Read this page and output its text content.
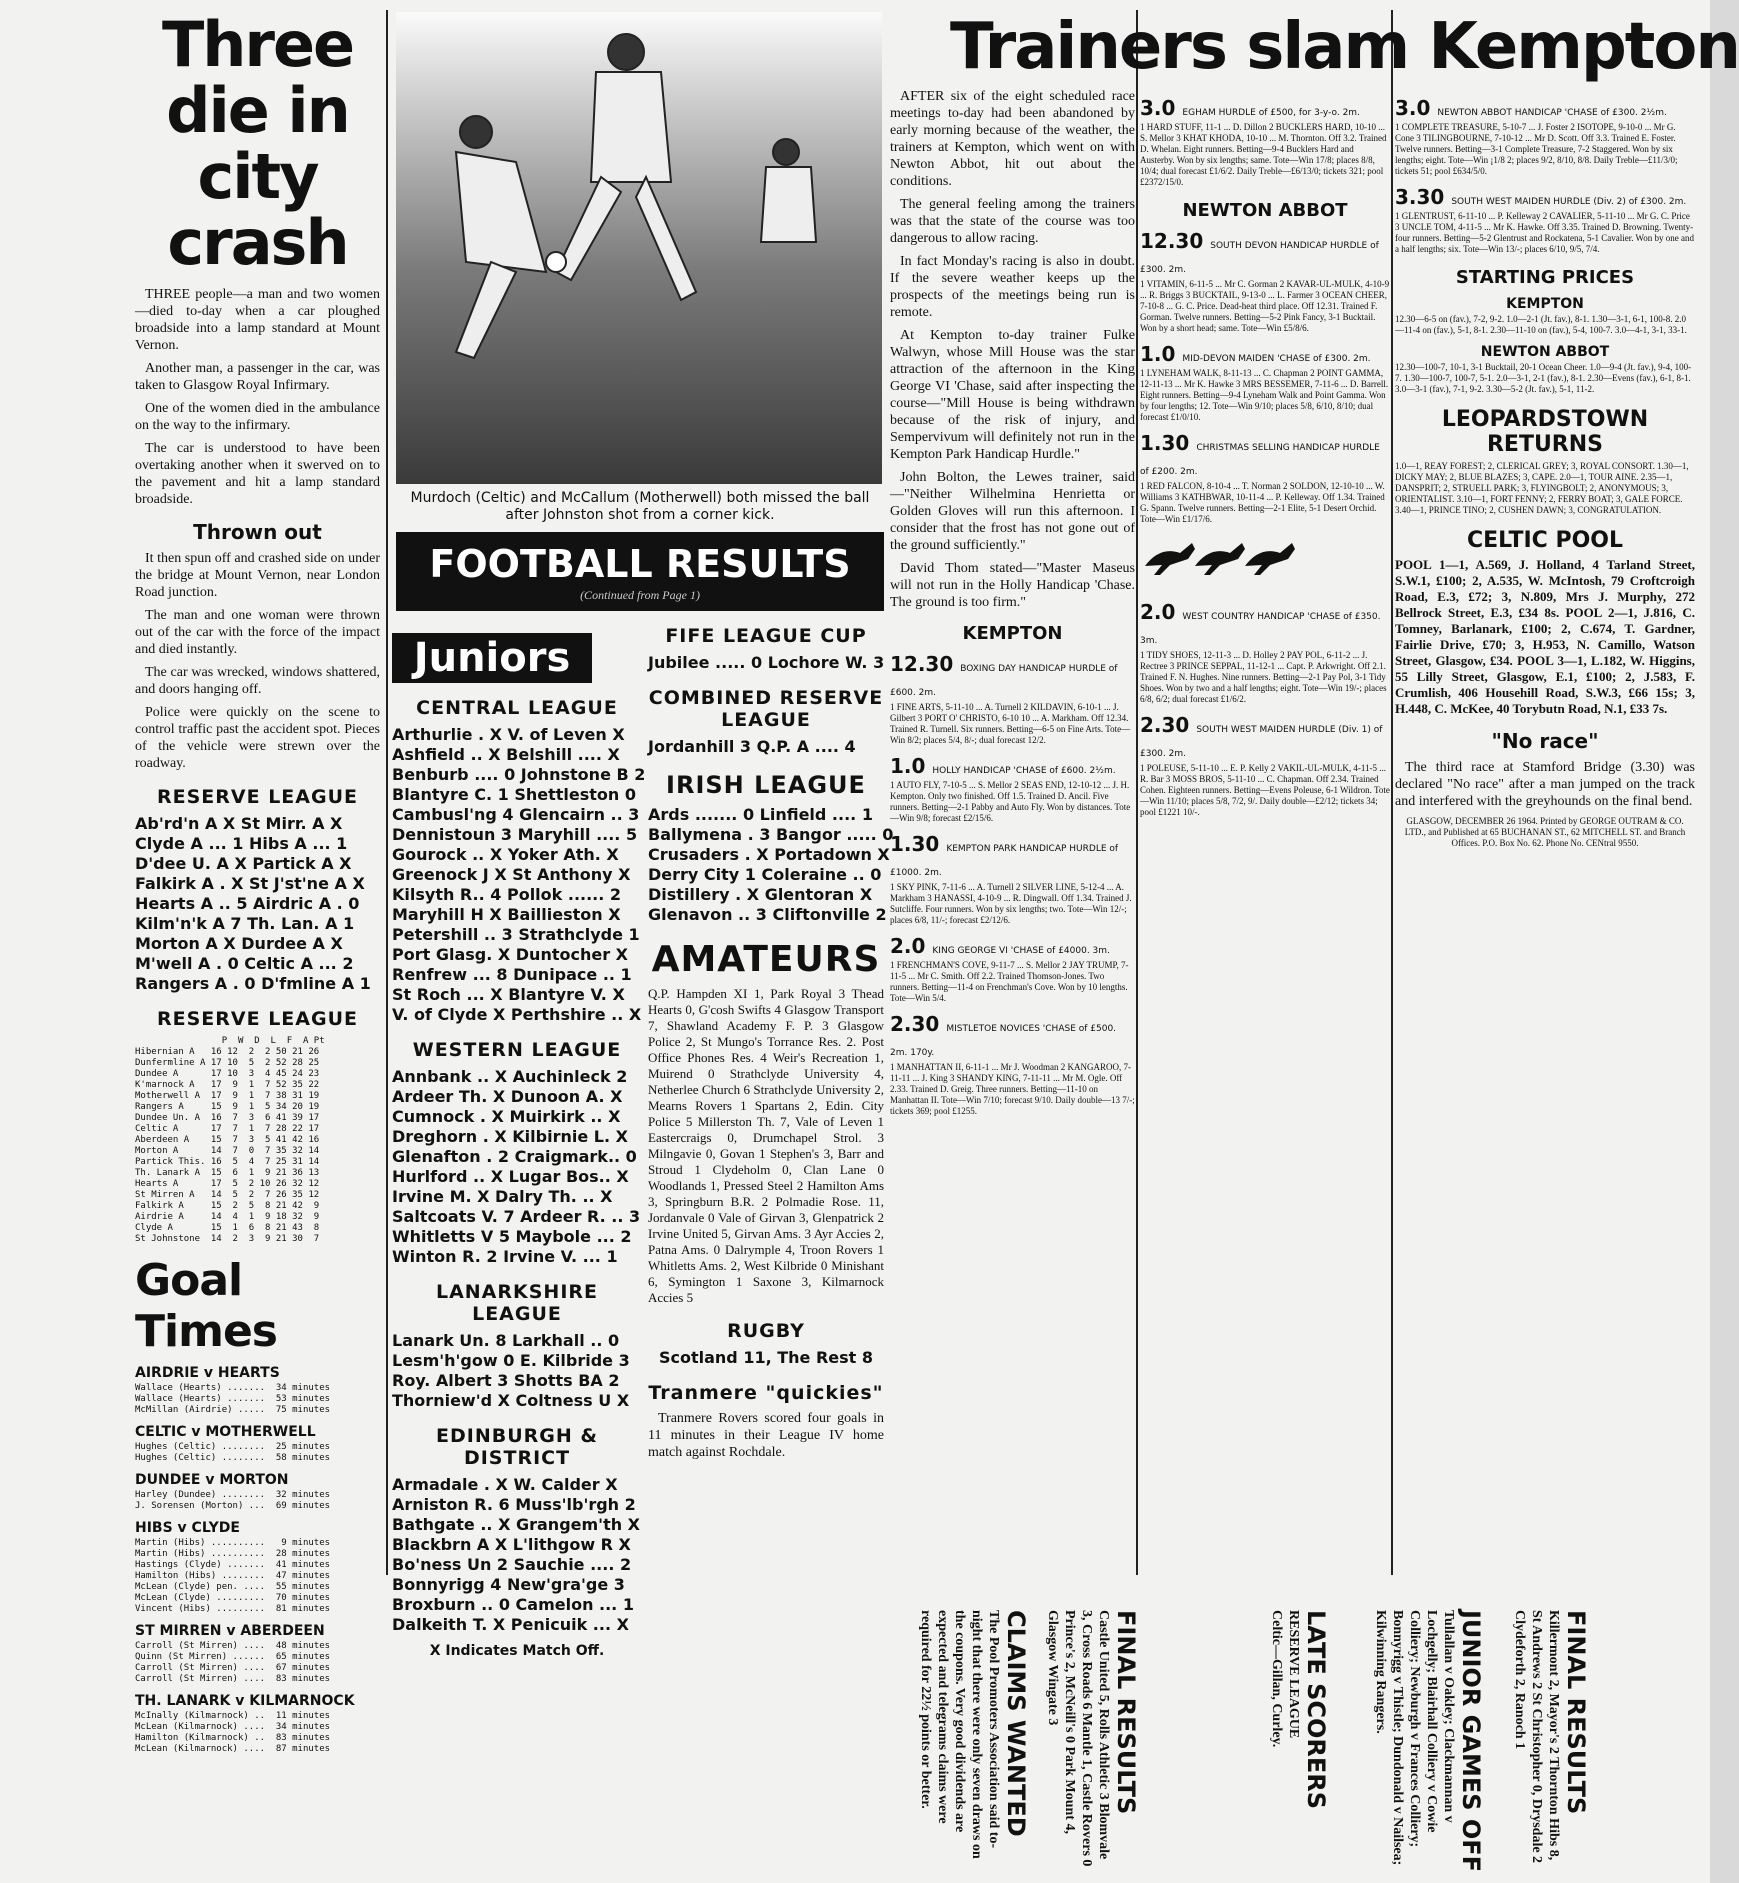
Three die in city crash

THREE people—a man and two women—died to-day when a car ploughed broadside into a lamp standard at Mount Vernon.

Another man, a passenger in the car, was taken to Glasgow Royal Infirmary.

One of the women died in the ambulance on the way to the infirmary.

The car is understood to have been overtaking another when it swerved on to the pavement and hit a lamp standard broadside.

Thrown out

It then spun off and crashed side on under the bridge at Mount Vernon, near London Road junction.

The man and one woman were thrown out of the car with the force of the impact and died instantly.

The car was wrecked, windows shattered, and doors hanging off.

Police were quickly on the scene to control traffic past the accident spot. Pieces of the vehicle were strewn over the roadway.

RESERVE LEAGUE
Ab'rd'n A X St Mirr. A X
Clyde A ... 1 Hibs A ... 1
D'dee U. A X Partick A X
Falkirk A . X St J'st'ne A X
Hearts A .. 5 Airdric A . 0
Kilm'n'k A 7 Th. Lan. A 1
Morton A X Durdee A X
M'well A . 0 Celtic A ... 2
Rangers A . 0 D'fmline A 1
RESERVE LEAGUE
P  W  D  L  F  A Pt
Hibernian A   16 12  2  2 50 21 26
Dunfermline A 17 10  5  2 52 28 25
Dundee A      17 10  3  4 45 24 23
K'marnock A   17  9  1  7 52 35 22
Motherwell A  17  9  1  7 38 31 19
Rangers A     15  9  1  5 34 20 19
Dundee Un. A  16  7  3  6 41 39 17
Celtic A      17  7  1  7 28 22 17
Aberdeen A    15  7  3  5 41 42 16
Morton A      14  7  0  7 35 32 14
Partick This. 16  5  4  7 25 31 14
Th. Lanark A  15  6  1  9 21 36 13
Hearts A      17  5  2 10 26 32 12
St Mirren A   14  5  2  7 26 35 12
Falkirk A     15  2  5  8 21 42  9
Airdrie A     14  4  1  9 18 32  9
Clyde A       15  1  6  8 21 43  8
St Johnstone  14  2  3  9 21 30  7
Goal Times
AIRDRIE v HEARTS
Wallace (Hearts) .......  34 minutes
Wallace (Hearts) .......  53 minutes
McMillan (Airdrie) .....  75 minutes
CELTIC v MOTHERWELL
Hughes (Celtic) ........  25 minutes
Hughes (Celtic) ........  58 minutes
DUNDEE v MORTON
Harley (Dundee) ........  32 minutes
J. Sorensen (Morton) ...  69 minutes
HIBS v CLYDE
Martin (Hibs) ..........   9 minutes
Martin (Hibs) ..........  28 minutes
Hastings (Clyde) .......  41 minutes
Hamilton (Hibs) ........  47 minutes
McLean (Clyde) pen. ....  55 minutes
McLean (Clyde) .........  70 minutes
Vincent (Hibs) .........  81 minutes
ST MIRREN v ABERDEEN
Carroll (St Mirren) ....  48 minutes
Quinn (St Mirren) ......  65 minutes
Carroll (St Mirren) ....  67 minutes
Carroll (St Mirren) ....  83 minutes
TH. LANARK v KILMARNOCK
McInally (Kilmarnock) ..  11 minutes
McLean (Kilmarnock) ....  34 minutes
Hamilton (Kilmarnock) ..  83 minutes
McLean (Kilmarnock) ....  87 minutes
Murdoch (Celtic) and McCallum (Motherwell) both missed the ball after Johnston shot from a corner kick.
FOOTBALL RESULTS
(Continued from Page 1)
Juniors
CENTRAL LEAGUE
Arthurlie . X V. of Leven X
Ashfield .. X Belshill .... X
Benburb .... 0 Johnstone B 2
Blantyre C. 1 Shettleston 0
Cambusl'ng 4 Glencairn .. 3
Dennistoun 3 Maryhill .... 5
Gourock .. X Yoker Ath. X
Greenock J X St Anthony X
Kilsyth R.. 4 Pollok ...... 2
Maryhill H X Baillieston X
Petershill .. 3 Strathclyde 1
Port Glasg. X Duntocher X
Renfrew ... 8 Dunipace .. 1
St Roch ... X Blantyre V. X
V. of Clyde X Perthshire .. X
WESTERN LEAGUE
Annbank .. X Auchinleck 2
Ardeer Th. X Dunoon A. X
Cumnock . X Muirkirk .. X
Dreghorn . X Kilbirnie L. X
Glenafton . 2 Craigmark.. 0
Hurlford .. X Lugar Bos.. X
Irvine M. X Dalry Th. .. X
Saltcoats V. 7 Ardeer R. .. 3
Whitletts V 5 Maybole ... 2
Winton R. 2 Irvine V. ... 1
LANARKSHIRE LEAGUE
Lanark Un. 8 Larkhall .. 0
Lesm'h'gow 0 E. Kilbride 3
Roy. Albert 3 Shotts BA 2
Thorniew'd X Coltness U X
EDINBURGH & DISTRICT
Armadale . X W. Calder X
Arniston R. 6 Muss'lb'rgh 2
Bathgate .. X Grangem'th X
Blackbrn A X L'lithgow R X
Bo'ness Un 2 Sauchie .... 2
Bonnyrigg 4 New'gra'ge 3
Broxburn .. 0 Camelon ... 1
Dalkeith T. X Penicuik ... X
X Indicates Match Off.
FIFE LEAGUE CUP
Jubilee ..... 0 Lochore W. 3
COMBINED RESERVE LEAGUE
Jordanhill 3 Q.P. A .... 4
IRISH LEAGUE
Ards ....... 0 Linfield .... 1
Ballymena . 3 Bangor ..... 0
Crusaders . X Portadown X
Derry City 1 Coleraine .. 0
Distillery . X Glentoran X
Glenavon .. 3 Cliftonville 2
AMATEURS

Q.P. Hampden XI 1, Park Royal 3 Thead Hearts 0, G'cosh Swifts 4 Glasgow Transport 7, Shawland Academy F. P. 3 Glasgow Police 2, St Mungo's Torrance Res. 2. Post Office Phones Res. 4 Weir's Recreation 1, Muirend 0 Strathclyde University 4, Netherlee Church 6 Strathclyde University 2, Mearns Rovers 1 Spartans 2, Edin. City Police 5 Millerston Th. 7, Vale of Leven 1 Eastercraigs 0, Drumchapel Strol. 3 Milngavie 0, Govan 1 Stephen's 3, Barr and Stroud 1 Clydeholm 0, Clan Lane 0 Woodlands 1, Pressed Steel 2 Hamilton Ams 3, Springburn B.R. 2 Polmadie Rose. 11, Jordanvale 0 Vale of Girvan 3, Glenpatrick 2 Irvine United 5, Girvan Ams. 3 Ayr Accies 2, Patna Ams. 0 Dalrymple 4, Troon Rovers 1 Whitletts Ams. 2, West Kilbride 0 Minishant 6, Symington 1 Saxone 3, Kilmarnock Accies 5

RUGBY
Scotland 11, The Rest 8
Tranmere "quickies"

Tranmere Rovers scored four goals in 11 minutes in their League IV home match against Rochdale.

Trainers slam Kempton

AFTER six of the eight scheduled race meetings to-day had been abandoned by early morning because of the weather, the trainers at Kempton, which went on with Newton Abbot, hit out about the conditions.

The general feeling among the trainers was that the state of the course was too dangerous to allow racing.

In fact Monday's racing is also in doubt. If the severe weather keeps up the prospects of the meetings being run is remote.

At Kempton to-day trainer Fulke Walwyn, whose Mill House was the star attraction of the afternoon in the King George VI 'Chase, said after inspecting the course—"Mill House is being withdrawn because of the risk of injury, and Sempervivum will definitely not run in the Kempton Park Handicap Hurdle."

John Bolton, the Lewes trainer, said—"Neither Wilhelmina Henrietta or Golden Gloves will run this afternoon. I consider that the frost has not gone out of the ground sufficiently."

David Thom stated—"Master Maseus will not run in the Holly Handicap 'Chase. The ground is too firm."

KEMPTON
12.30 BOXING DAY HANDICAP HURDLE of £600. 2m.

1 FINE ARTS, 5-11-10 ... A. Turnell 2 KILDAVIN, 6-10-1 ... J. Gilbert 3 PORT O' CHRISTO, 6-10 10 ... A. Markham. Off 12.34. Trained R. Turnell. Six runners. Betting—6-5 on Fine Arts. Tote—Win 8/2; places 5/4, 8/-; dual forecast 12/2.

1.0 HOLLY HANDICAP 'CHASE of £600. 2½m.

1 AUTO FLY, 7-10-5 ... S. Mellor 2 SEAS END, 12-10-12 ... J. H. Kempton. Only two finished. Off 1.5. Trained D. Ancil. Five runners. Betting—2-1 Pabby and Auto Fly. Won by distances. Tote—Win 9/8; forecast £2/15/6.

1.30 KEMPTON PARK HANDICAP HURDLE of £1000. 2m.

1 SKY PINK, 7-11-6 ... A. Turnell 2 SILVER LINE, 5-12-4 ... A. Markham 3 HANASSI, 4-10-9 ... R. Dingwall. Off 1.34. Trained J. Sutcliffe. Four runners. Won by six lengths; two. Tote—Win 12/-; places 6/8, 11/-; forecast £2/12/6.

2.0 KING GEORGE VI 'CHASE of £4000. 3m.

1 FRENCHMAN'S COVE, 9-11-7 ... S. Mellor 2 JAY TRUMP, 7-11-5 ... Mr C. Smith. Off 2.2. Trained Thomson-Jones. Two runners. Betting—11-4 on Frenchman's Cove. Won by 10 lengths. Tote—Win 5/4.

2.30 MISTLETOE NOVICES 'CHASE of £500. 2m. 170y.

1 MANHATTAN II, 6-11-1 ... Mr J. Woodman 2 KANGAROO, 7-11-11 ... J. King 3 SHANDY KING, 7-11-11 ... Mr M. Ogle. Off 2.33. Trained D. Greig. Three runners. Betting—11-10 on Manhattan II. Tote—Win 7/10; forecast 9/10. Daily double—13 7/-; tickets 369; pool £1255.

3.0 EGHAM HURDLE of £500, for 3-y-o. 2m.

1 HARD STUFF, 11-1 ... D. Dillon 2 BUCKLERS HARD, 10-10 ... S. Mellor 3 KHAT KHODA, 10-10 ... M. Thornton. Off 3.2. Trained D. Whelan. Eight runners. Betting—9-4 Bucklers Hard and Austerby. Won by six lengths; same. Tote—Win 17/8; places 8/8, 10/4; dual forecast £1/6/2. Daily Treble—£6/13/0; tickets 321; pool £2372/15/0.

NEWTON ABBOT
12.30 SOUTH DEVON HANDICAP HURDLE of £300. 2m.

1 VITAMIN, 6-11-5 ... Mr C. Gorman 2 KAVAR-UL-MULK, 4-10-9 ... R. Briggs 3 BUCKTAIL, 9-13-0 ... L. Farmer 3 OCEAN CHEER, 7-10-8 ... G. C. Price. Dead-heat third place. Off 12.31. Trained F. Gorman. Twelve runners. Betting—5-2 Pink Fancy, 3-1 Bucktail. Won by a short head; same. Tote—Win £5/8/6.

1.0 MID-DEVON MAIDEN 'CHASE of £300. 2m.

1 LYNEHAM WALK, 8-11-13 ... C. Chapman 2 POINT GAMMA, 12-11-13 ... Mr K. Hawke 3 MRS BESSEMER, 7-11-6 ... D. Barrell. Eight runners. Betting—9-4 Lyneham Walk and Point Gamma. Won by four lengths; 12. Tote—Win 9/10; places 5/8, 6/10, 8/10; dual forecast £1/0/10.

1.30 CHRISTMAS SELLING HANDICAP HURDLE of £200. 2m.

1 RED FALCON, 8-10-4 ... T. Norman 2 SOLDON, 12-10-10 ... W. Williams 3 KATHBWAR, 10-11-4 ... P. Kelleway. Off 1.34. Trained G. Spann. Twelve runners. Betting—2-1 Elite, 5-1 Desert Orchid. Tote—Win £1/17/6.

2.0 WEST COUNTRY HANDICAP 'CHASE of £350. 3m.

1 TIDY SHOES, 12-11-3 ... D. Holley 2 PAY POL, 6-11-2 ... J. Rectree 3 PRINCE SEPPAL, 11-12-1 ... Capt. P. Arkwright. Off 2.1. Trained F. N. Hughes. Nine runners. Betting—2-1 Pay Pol, 3-1 Tidy Shoes. Won by two and a half lengths; eight. Tote—Win 19/-; places 6/8, 6/2; dual forecast £1/6/2.

2.30 SOUTH WEST MAIDEN HURDLE (Div. 1) of £300. 2m.

1 POLEUSE, 5-11-10 ... E. P. Kelly 2 VAKIL-UL-MULK, 4-11-5 ... R. Bar 3 MOSS BROS, 5-11-10 ... C. Chapman. Off 2.34. Trained Cohen. Eighteen runners. Betting—Evens Poleuse, 6-1 Wildron. Tote—Win 11/10; places 5/8, 7/2, 9/. Daily double—£2/12; tickets 34; pool £1221 10/-.

3.0 NEWTON ABBOT HANDICAP 'CHASE of £300. 2½m.

1 COMPLETE TREASURE, 5-10-7 ... J. Foster 2 ISOTOPE, 9-10-0 ... Mr G. Cone 3 TILINGBOURNE, 7-10-12 ... Mr D. Scott. Off 3.3. Trained E. Foster. Twelve runners. Betting—3-1 Complete Treasure, 7-2 Staggered. Won by six lengths; eight. Tote—Win ¡1/8 2; places 9/2, 8/10, 8/8. Daily Treble—£11/3/0; tickets 51; pool £634/5/0.

3.30 SOUTH WEST MAIDEN HURDLE (Div. 2) of £300. 2m.

1 GLENTRUST, 6-11-10 ... P. Kelleway 2 CAVALIER, 5-11-10 ... Mr G. C. Price 3 UNCLE TOM, 4-11-5 ... Mr K. Hawke. Off 3.35. Trained D. Browning. Twenty-four runners. Betting—5-2 Glentrust and Rockatena, 5-1 Cavalier. Won by one and a half lengths; six. Tote—Win 13/-; places 6/10, 9/5, 7/4.

STARTING PRICES
KEMPTON

12.30—6-5 on (fav.), 7-2, 9-2. 1.0—2-1 (Jt. fav.), 8-1. 1.30—3-1, 6-1, 100-8. 2.0—11-4 on (fav.), 5-1, 8-1. 2.30—11-10 on (fav.), 5-4, 100-7. 3.0—4-1, 3-1, 33-1.

NEWTON ABBOT

12.30—100-7, 10-1, 3-1 Bucktail, 20-1 Ocean Cheer. 1.0—9-4 (Jt. fav.), 9-4, 100-7. 1.30—100-7, 100-7, 5-1. 2.0—3-1, 2-1 (fav.), 8-1. 2.30—Evens (fav.), 6-1, 8-1. 3.0—3-1 (fav.), 7-1, 9-2. 3.30—5-2 (Jt. fav.), 5-1, 11-2.

LEOPARDSTOWN RETURNS

1.0—1, REAY FOREST; 2, CLERICAL GREY; 3, ROYAL CONSORT. 1.30—1, DICKY MAY; 2, BLUE BLAZES; 3, CAPE. 2.0—1, TOUR AINE. 2.35—1, DANSPRIT; 2, STRUELL PARK; 3, FLYINGBOLT; 2, ANONYMOUS; 3, ORIENTALIST. 3.10—1, FORT FENNY; 2, FERRY BOAT; 3, GALE FORCE. 3.40—1, PRINCE TINO; 2, CUSHEN DAWN; 3, CONGRATULATION.

CELTIC POOL

POOL 1—1, A.569, J. Holland, 4 Tarland Street, S.W.1, £100; 2, A.535, W. McIntosh, 79 Croftcroigh Road, E.3, £72; 3, N.809, Mrs J. Murphy, 272 Bellrock Street, E.3, £34 8s. POOL 2—1, J.816, C. Tomney, Barlanark, £100; 2, C.674, T. Gardner, Fairlie Drive, £70; 3, H.953, N. Camillo, Watson Street, Glasgow, £34. POOL 3—1, L.182, W. Higgins, 55 Lilly Street, Glasgow, E.1, £100; 2, J.583, F. Crumlish, 406 Househill Road, S.W.3, £66 15s; 3, H.448, C. McKee, 40 Torybutn Road, N.1, £33 7s.

"No race"

The third race at Stamford Bridge (3.30) was declared "No race" after a man jumped on the track and interfered with the greyhounds on the final bend.

GLASGOW, DECEMBER 26 1964. Printed by GEORGE OUTRAM & CO. LTD., and Published at 65 BUCHANAN ST., 62 MITCHELL ST. and Branch Offices. P.O. Box No. 62. Phone No. CENtral 9550.

CLAIMS WANTED
The Pool Promoters Association said to-night that there were only seven draws on the coupons. Very good dividends are expected and telegrams claims were required for 22½ points or better.	FINAL RESULTS
Castle United 5, Rolls Athletic 3 Blomvale 3, Cross Roads 6 Mantle 1, Castle Rovers 0 Prince's 2, McNeill's 0 Park Mount 4, Glasgow Wingate 3	LATE SCORERS
RESERVE LEAGUE
Celtic—Gillan, Curley.	JUNIOR GAMES OFF
Tullallan v Oakley; Clackmannan v Lochgelly; Blairhall Colliery v Cowie Colliery; Newburgh v Frances Colliery; Bonnyrigg v Thistle; Dundonald v Nailsea; Kilwinning Rangers.	FINAL RESULTS
Killermont 2, Mayor's 2 Thornton Hibs 8, St Andrews 2 St Christopher 0, Drysdale 2 Clydeforth 2, Ranoch 1
